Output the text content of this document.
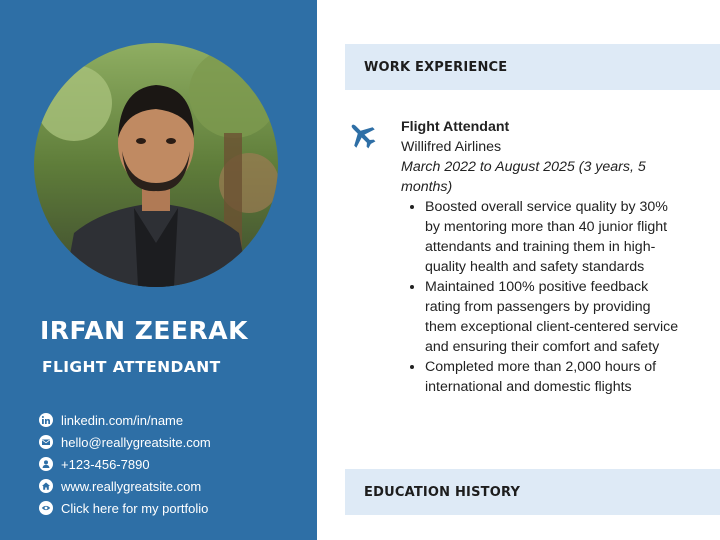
IRFAN ZEERAK
FLIGHT ATTENDANT
linkedin.com/in/name
hello@reallygreatsite.com
+123-456-7890
www.reallygreatsite.com
Click here for my portfolio
WORK EXPERIENCE
Flight Attendant
Willifred Airlines
March 2022 to August 2025 (3 years, 5 months)
• Boosted overall service quality by 30% by mentoring more than 40 junior flight attendants and training them in high-quality health and safety standards
• Maintained 100% positive feedback rating from passengers by providing them exceptional client-centered service and ensuring their comfort and safety
• Completed more than 2,000 hours of international and domestic flights
EDUCATION HISTORY
